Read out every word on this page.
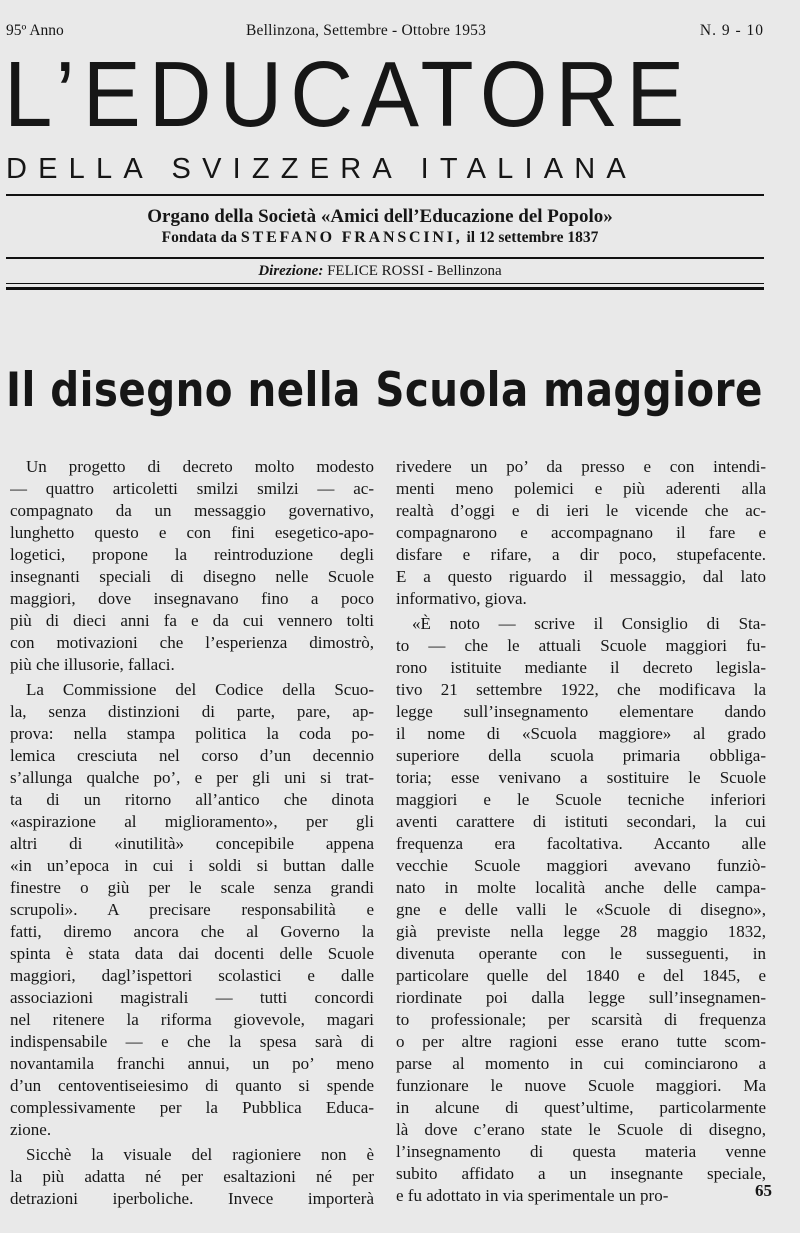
95º Anno	Bellinzona, Settembre - Ottobre 1953	N. 9 - 10
L’EDUCATORE
DELLA SVIZZERA ITALIANA
Organo della Società «Amici dell’Educazione del Popolo»
Fondata da STEFANO FRANSCINI, il 12 settembre 1837
Direzione: FELICE ROSSI - Bellinzona
Il disegno nella Scuola maggiore

Un progetto di decreto molto modesto
— quattro articoletti smilzi smilzi — ac-
compagnato da un messaggio governativo,
lunghetto questo e con fini esegetico-apo-
logetici, propone la reintroduzione degli
insegnanti speciali di disegno nelle Scuole
maggiori, dove insegnavano fino a poco
più di dieci anni fa e da cui vennero tolti
con motivazioni che l’esperienza dimostrò,
più che illusorie, fallaci.

La Commissione del Codice della Scuo-
la, senza distinzioni di parte, pare, ap-
prova: nella stampa politica la coda po-
lemica cresciuta nel corso d’un decennio
s’allunga qualche po’, e per gli uni si trat-
ta di un ritorno all’antico che dinota
«aspirazione al miglioramento», per gli
altri di «inutilità» concepibile appena
«in un’epoca in cui i soldi si buttan dalle
finestre o giù per le scale senza grandi
scrupoli». A precisare responsabilità e
fatti, diremo ancora che al Governo la
spinta è stata data dai docenti delle Scuole
maggiori, dagl’ispettori scolastici e dalle
associazioni magistrali — tutti concordi
nel ritenere la riforma giovevole, magari
indispensabile — e che la spesa sarà di
novantamila franchi annui, un po’ meno
d’un centoventiseiesimo di quanto si spende
complessivamente per la Pubblica Educa-
zione.

Sicchè la visuale del ragioniere non è
la più adatta né per esaltazioni né per
detrazioni iperboliche. Invece importerà

rivedere un po’ da presso e con intendi-
menti meno polemici e più aderenti alla
realtà d’oggi e di ieri le vicende che ac-
compagnarono e accompagnano il fare e
disfare e rifare, a dir poco, stupefacente.
E a questo riguardo il messaggio, dal lato
informativo, giova.

«È noto — scrive il Consiglio di Sta-
to — che le attuali Scuole maggiori fu-
rono istituite mediante il decreto legisla-
tivo 21 settembre 1922, che modificava la
legge sull’insegnamento elementare dando
il nome di «Scuola maggiore» al grado
superiore della scuola primaria obbliga-
toria; esse venivano a sostituire le Scuole
maggiori e le Scuole tecniche inferiori
aventi carattere di istituti secondari, la cui
frequenza era facoltativa. Accanto alle
vecchie Scuole maggiori avevano funziò-
nato in molte località anche delle campa-
gne e delle valli le «Scuole di disegno»,
già previste nella legge 28 maggio 1832,
divenuta operante con le susseguenti, in
particolare quelle del 1840 e del 1845, e
riordinate poi dalla legge sull’insegnamen-
to professionale; per scarsità di frequenza
o per altre ragioni esse erano tutte scom-
parse al momento in cui cominciarono a
funzionare le nuove Scuole maggiori. Ma
in alcune di quest’ultime, particolarmente
là dove c’erano state le Scuole di disegno,
l’insegnamento di questa materia venne
subito affidato a un insegnante speciale,
e fu adottato in via sperimentale un pro-	65
